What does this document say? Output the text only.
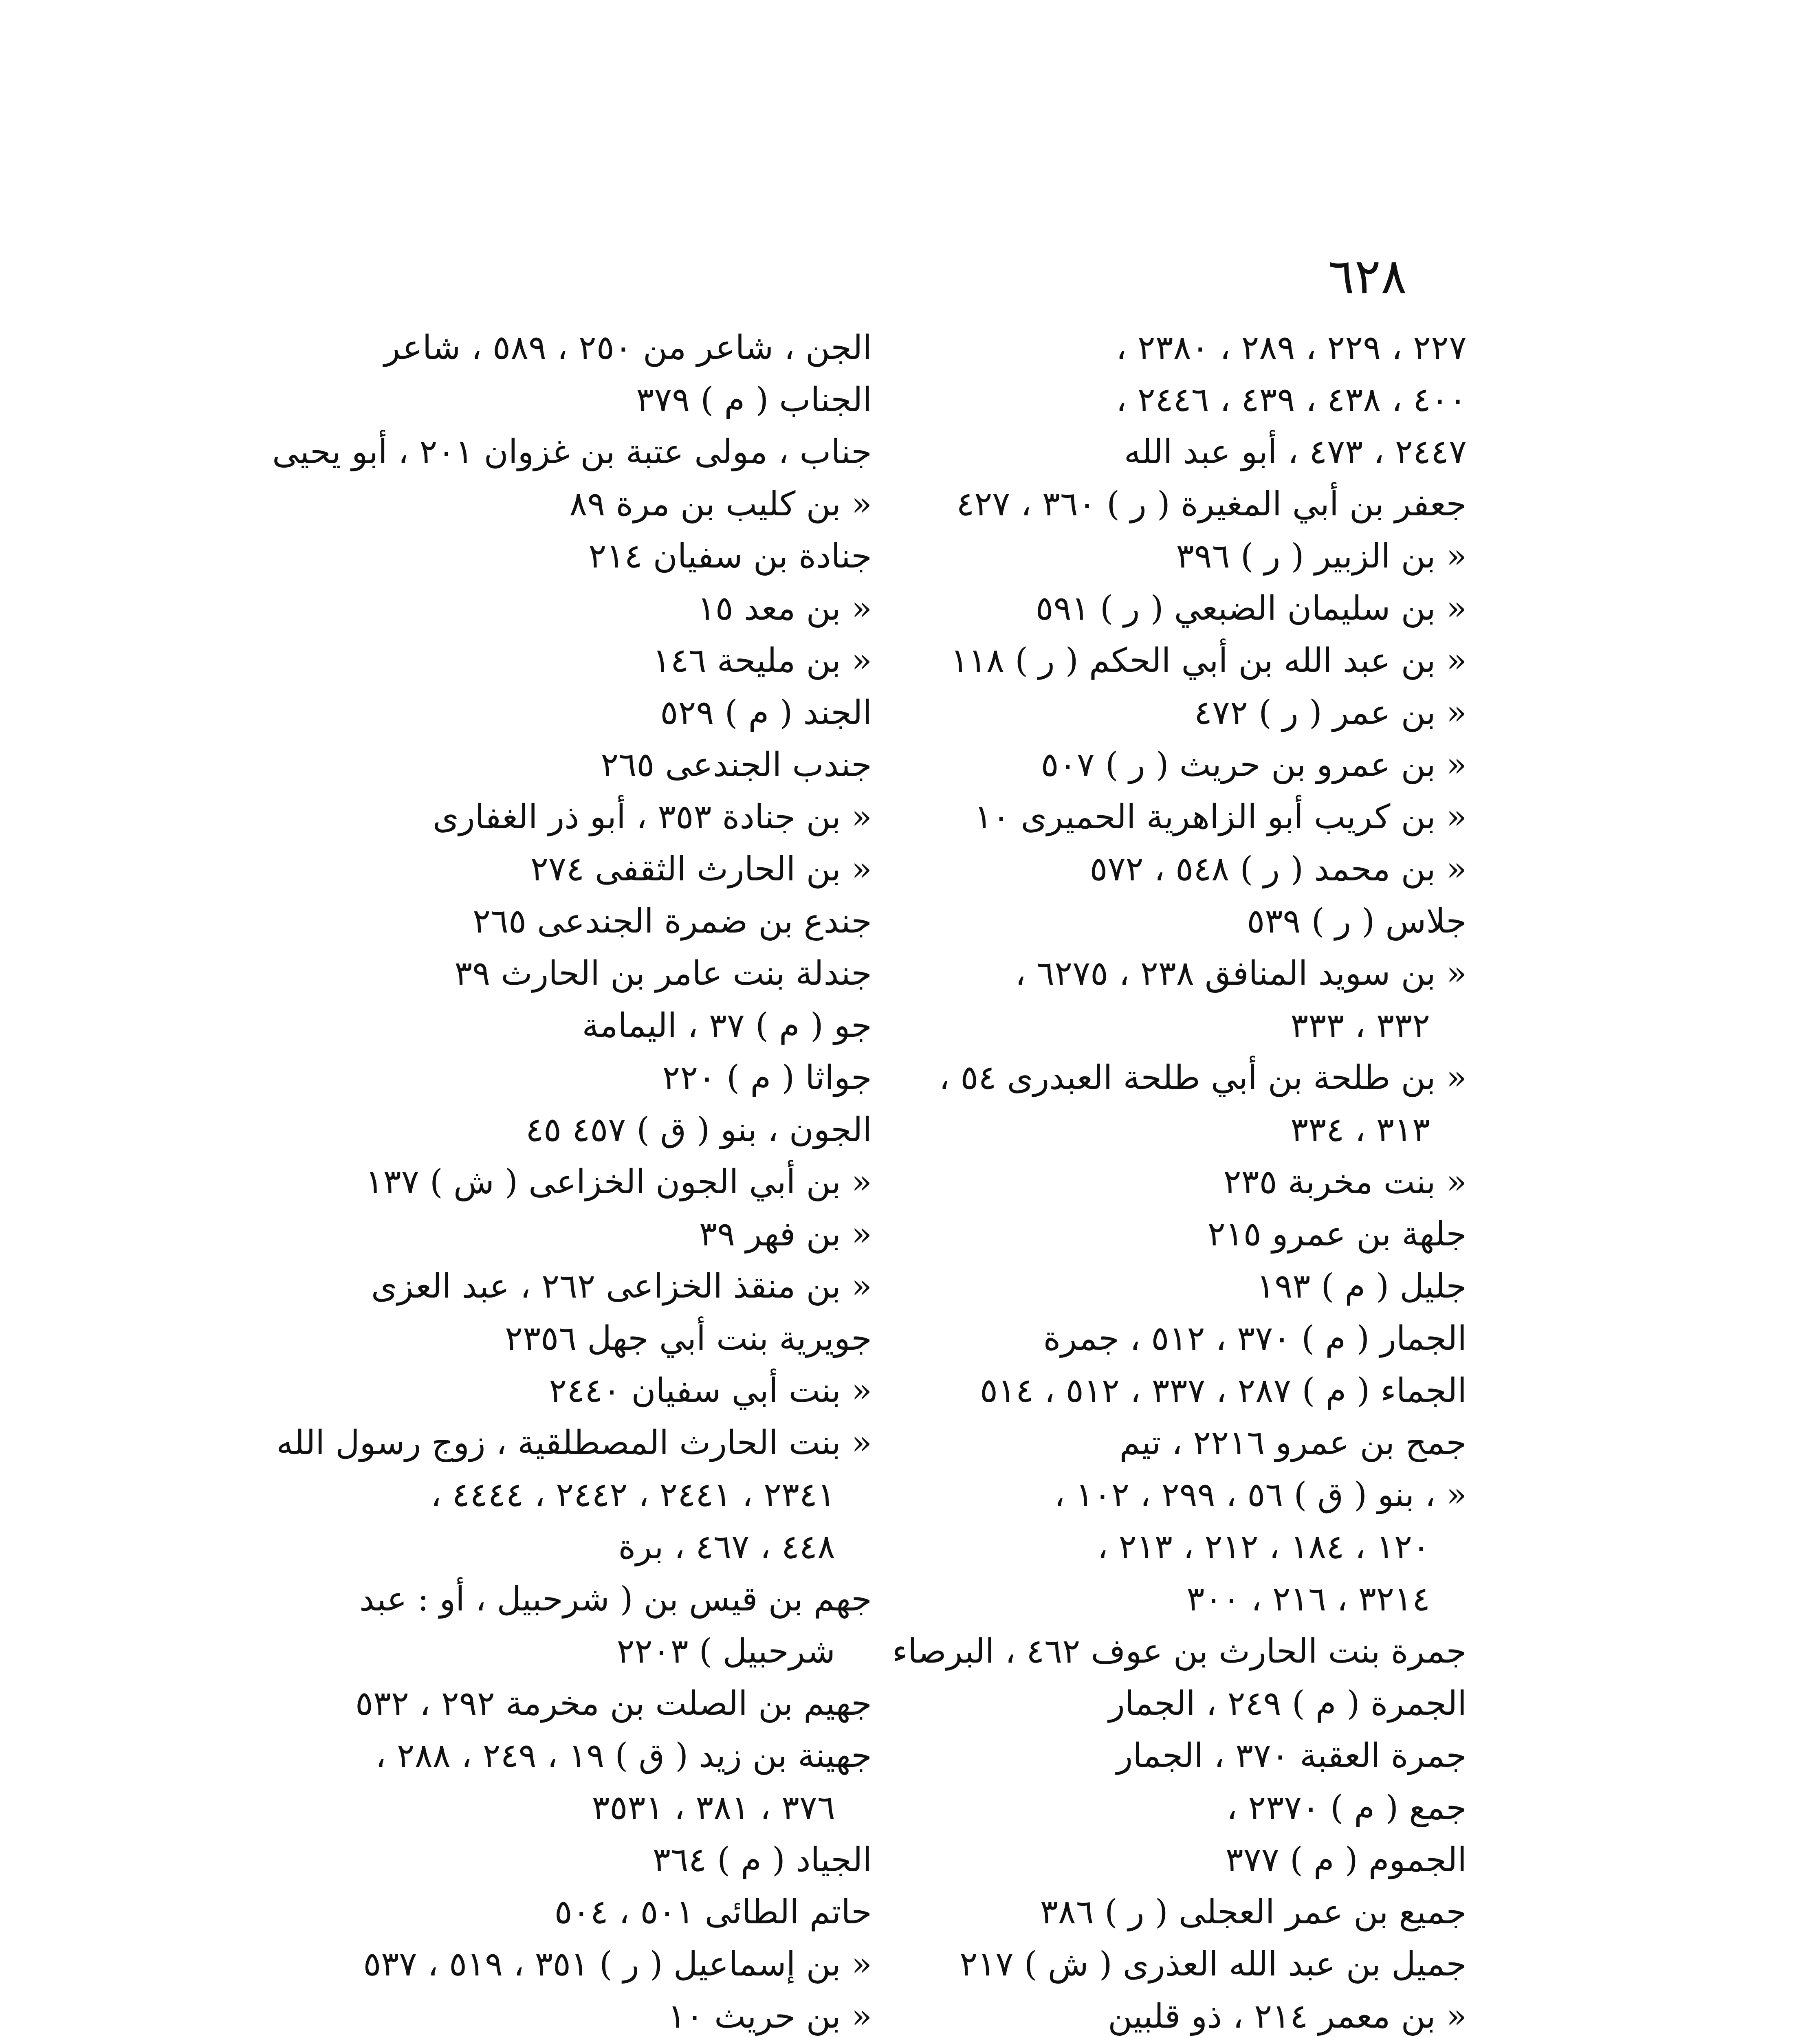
٦٢٨
٢٢٧ ، ٢٢٩ ، ٢٨٩ ، ٢٣٨٠ ،
٤٠٠ ، ٤٣٨ ، ٤٣٩ ، ٢٤٤٦ ،
٢٤٤٧ ، ٤٧٣ ، أبو عبد الله
جعفر بن أبي المغيرة ( ر ) ٣٦٠ ، ٤٢٧
« بن الزبير ( ر ) ٣٩٦
« بن سليمان الضبعي ( ر ) ٥٩١
« بن عبد الله بن أبي الحكم ( ر ) ١١٨
« بن عمر ( ر ) ٤٧٢
« بن عمرو بن حريث ( ر ) ٥٠٧
« بن كريب أبو الزاهرية الحميرى ١٠
« بن محمد ( ر ) ٥٤٨ ، ٥٧٢
جلاس ( ر ) ٥٣٩
« بن سويد المنافق ٢٣٨ ، ٦٢٧٥ ،
٣٣٢ ، ٣٣٣
« بن طلحة بن أبي طلحة العبدرى ٥٤ ،
٣١٣ ، ٣٣٤
« بنت مخربة ٢٣٥
جلهة بن عمرو ٢١٥
جليل ( م ) ١٩٣
الجمار ( م ) ٣٧٠ ، ٥١٢ ، جمرة
الجماء ( م ) ٢٨٧ ، ٣٣٧ ، ٥١٢ ، ٥١٤
جمح بن عمرو ٢٢١٦ ، تيم
« ، بنو ( ق ) ٥٦ ، ٢٩٩ ، ١٠٢ ،
١٢٠ ، ١٨٤ ، ٢١٢ ، ٢١٣ ،
٣٢١٤ ، ٢١٦ ، ٣٠٠
جمرة بنت الحارث بن عوف ٤٦٢ ، البرصاء
الجمرة ( م ) ٢٤٩ ، الجمار
جمرة العقبة ٣٧٠ ، الجمار
جمع ( م ) ٢٣٧٠ ،
الجموم ( م ) ٣٧٧
جميع بن عمر العجلى ( ر ) ٣٨٦
جميل بن عبد الله العذرى ( ش ) ٢١٧
« بن معمر ٢١٤ ، ذو قلبين
الجن ، شاعر من ٢٥٠ ، ٥٨٩ ، شاعر
الجناب ( م ) ٣٧٩
جناب ، مولى عتبة بن غزوان ٢٠١ ، أبو يحيى
« بن كليب بن مرة ٨٩
جنادة بن سفيان ٢١٤
« بن معد ١٥
« بن مليحة ١٤٦
الجند ( م ) ٥٢٩
جندب الجندعى ٢٦٥
« بن جنادة ٣٥٣ ، أبو ذر الغفارى
« بن الحارث الثقفى ٢٧٤
جندع بن ضمرة الجندعى ٢٦٥
جندلة بنت عامر بن الحارث ٣٩
جو ( م ) ٣٧ ، اليمامة
جواثا ( م ) ٢٢٠
الجون ، بنو ( ق ) ٤٥٧ ٤٥
« بن أبي الجون الخزاعى ( ش ) ١٣٧
« بن فهر ٣٩
« بن منقذ الخزاعى ٢٦٢ ، عبد العزى
جويرية بنت أبي جهل ٢٣٥٦
« بنت أبي سفيان ٢٤٤٠
« بنت الحارث المصطلقية ، زوج رسول الله
٢٣٤١ ، ٢٤٤١ ، ٢٤٤٢ ، ٤٤٤٤ ،
٤٤٨ ، ٤٦٧ ، برة
جهم بن قيس بن ( شرحبيل ، أو : عبد
شرحبيل ) ٢٢٠٣
جهيم بن الصلت بن مخرمة ٢٩٢ ، ٥٣٢
جهينة بن زيد ( ق ) ١٩ ، ٢٤٩ ، ٢٨٨ ،
٣٧٦ ، ٣٨١ ، ٣٥٣١
الجياد ( م ) ٣٦٤
حاتم الطائى ٥٠١ ، ٥٠٤
« بن إسماعيل ( ر ) ٣٥١ ، ٥١٩ ، ٥٣٧
« بن حريث ١٠
